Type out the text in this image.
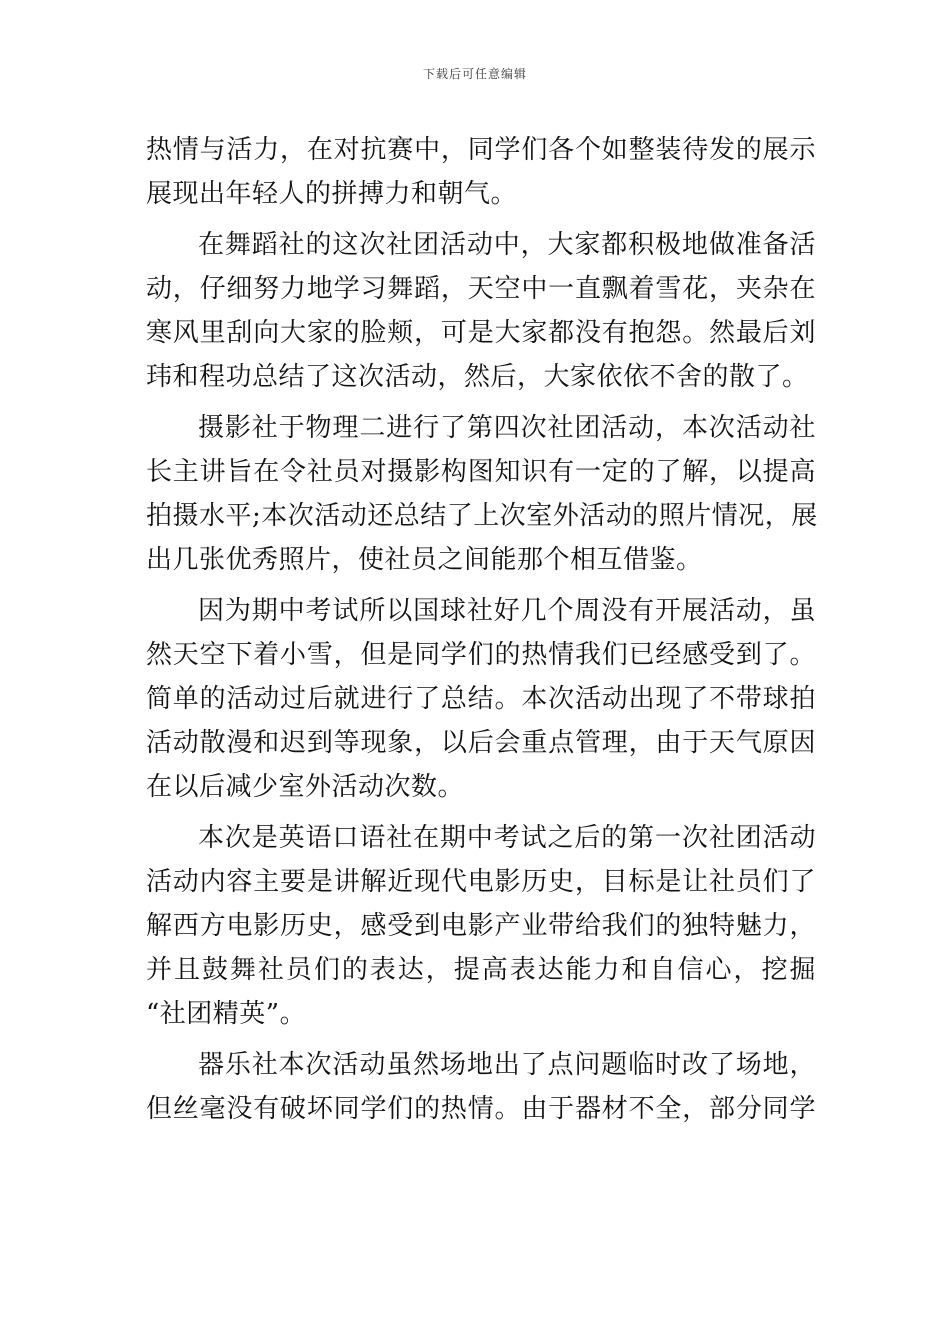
下载后可任意编辑
热情与活力，在对抗赛中，同学们各个如整装待发的展示
展现出年轻人的拼搏力和朝气。
在舞蹈社的这次社团活动中，大家都积极地做准备活
动，仔细努力地学习舞蹈，天空中一直飘着雪花，夹杂在
寒风里刮向大家的脸颊，可是大家都没有抱怨。然最后刘
玮和程功总结了这次活动，然后，大家依依不舍的散了。
摄影社于物理二进行了第四次社团活动，本次活动社
长主讲旨在令社员对摄影构图知识有一定的了解，以提高
拍摄水平;本次活动还总结了上次室外活动的照片情况，展
出几张优秀照片，使社员之间能那个相互借鉴。
因为期中考试所以国球社好几个周没有开展活动，虽
然天空下着小雪，但是同学们的热情我们已经感受到了。
简单的活动过后就进行了总结。本次活动出现了不带球拍
活动散漫和迟到等现象，以后会重点管理，由于天气原因
在以后减少室外活动次数。
本次是英语口语社在期中考试之后的第一次社团活动
活动内容主要是讲解近现代电影历史，目标是让社员们了
解西方电影历史，感受到电影产业带给我们的独特魅力，
并且鼓舞社员们的表达，提高表达能力和自信心，挖掘
“社团精英”。
器乐社本次活动虽然场地出了点问题临时改了场地，
但丝毫没有破坏同学们的热情。由于器材不全，部分同学
